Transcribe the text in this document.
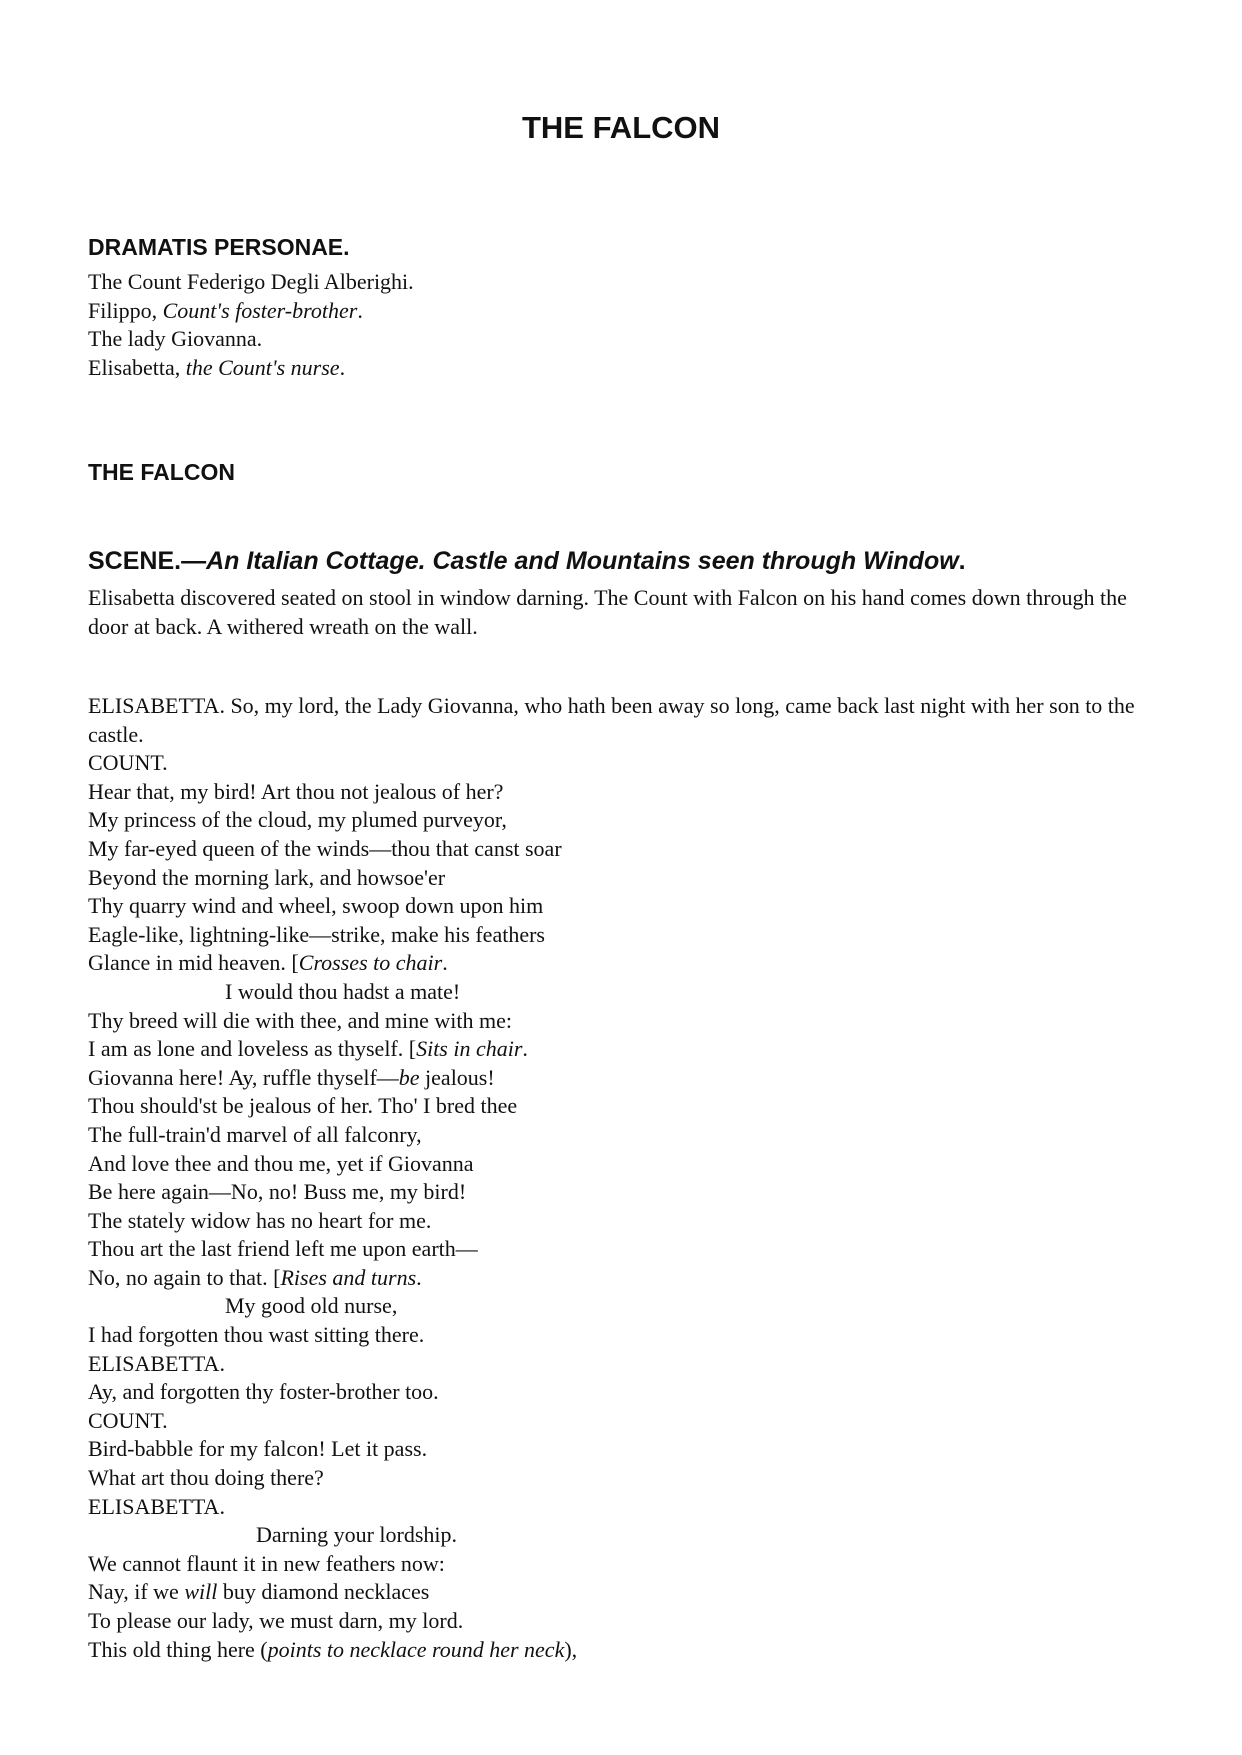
THE FALCON
DRAMATIS PERSONAE.
The Count Federigo Degli Alberighi.
Filippo, Count's foster-brother.
The lady Giovanna.
Elisabetta, the Count's nurse.
THE FALCON
SCENE.—An Italian Cottage. Castle and Mountains seen through Window.
Elisabetta discovered seated on stool in window darning. The Count with Falcon on his hand comes down through the door at back. A withered wreath on the wall.
ELISABETTA. So, my lord, the Lady Giovanna, who hath been away so long, came back last night with her son to the castle.
COUNT.
Hear that, my bird! Art thou not jealous of her?
My princess of the cloud, my plumed purveyor,
My far-eyed queen of the winds—thou that canst soar
Beyond the morning lark, and howsoe'er
Thy quarry wind and wheel, swoop down upon him
Eagle-like, lightning-like—strike, make his feathers
Glance in mid heaven. [Crosses to chair.
I would thou hadst a mate!
Thy breed will die with thee, and mine with me:
I am as lone and loveless as thyself. [Sits in chair.
Giovanna here! Ay, ruffle thyself—be jealous!
Thou should'st be jealous of her. Tho' I bred thee
The full-train'd marvel of all falconry,
And love thee and thou me, yet if Giovanna
Be here again—No, no! Buss me, my bird!
The stately widow has no heart for me.
Thou art the last friend left me upon earth—
No, no again to that. [Rises and turns.
My good old nurse,
I had forgotten thou wast sitting there.
ELISABETTA.
Ay, and forgotten thy foster-brother too.
COUNT.
Bird-babble for my falcon! Let it pass.
What art thou doing there?
ELISABETTA.
Darning your lordship.
We cannot flaunt it in new feathers now:
Nay, if we will buy diamond necklaces
To please our lady, we must darn, my lord.
This old thing here (points to necklace round her neck),
